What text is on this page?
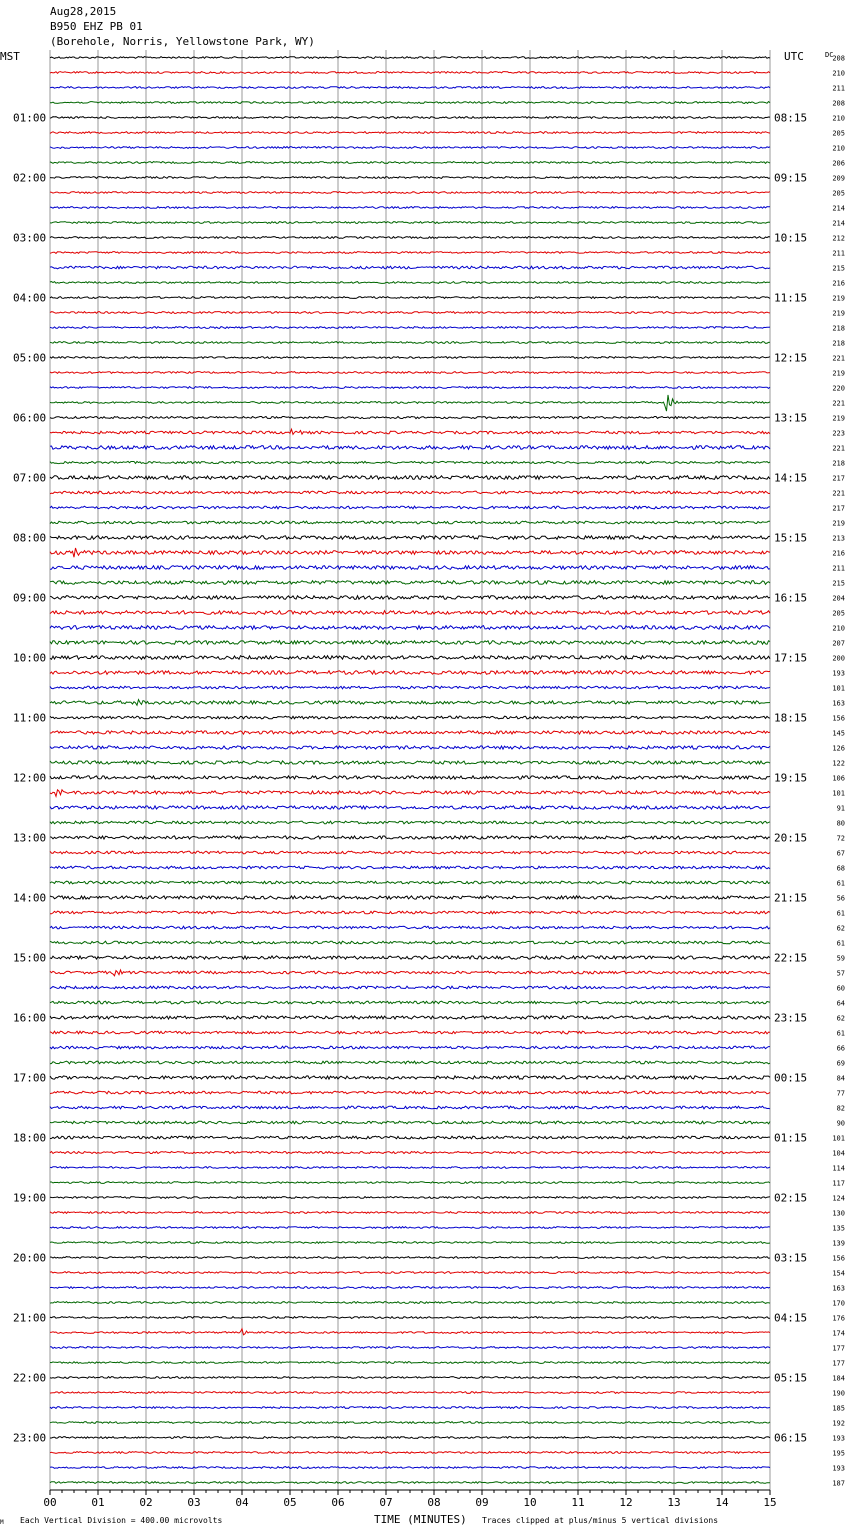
Aug28,2015
B950 EHZ PB 01
(Borehole, Norris, Yellowstone Park, WY)
00	01	02	03	04	05	06	07	08	09	10	11	12	13	14	15
01:00
02:00
03:00
04:00
05:00
06:00
07:00
08:00
09:00
10:00
11:00
12:00
13:00
14:00
15:00
16:00
17:00
18:00
19:00
20:00
21:00
22:00
23:00
08:15
09:15
10:15
11:15
12:15
13:15
14:15
15:15
16:15
17:15
18:15
19:15
20:15
21:15
22:15
23:15
00:15
01:15
02:15
03:15
04:15
05:15
06:15
208
210
211
208
210
205
210
206
209
205
214
214
212
211
215
216
219
219
218
218
221
219
220
221
219
223
221
218
217
221
217
219
213
216
211
215
204
205
210
207
200
193
101
163
156
145
126
122
106
101
91
80
72
67
68
61
56
61
62
61
59
57
60
64
62
61
66
69
84
77
82
90
101
104
114
117
124
130
135
139
156
154
163
170
176
174
177
177
184
190
185
192
193
195
193
187
MST	UTC	DC
M Each Vertical Division = 400.00 microvolts	TIME (MINUTES) Traces clipped at plus/minus 5 vertical divisions
